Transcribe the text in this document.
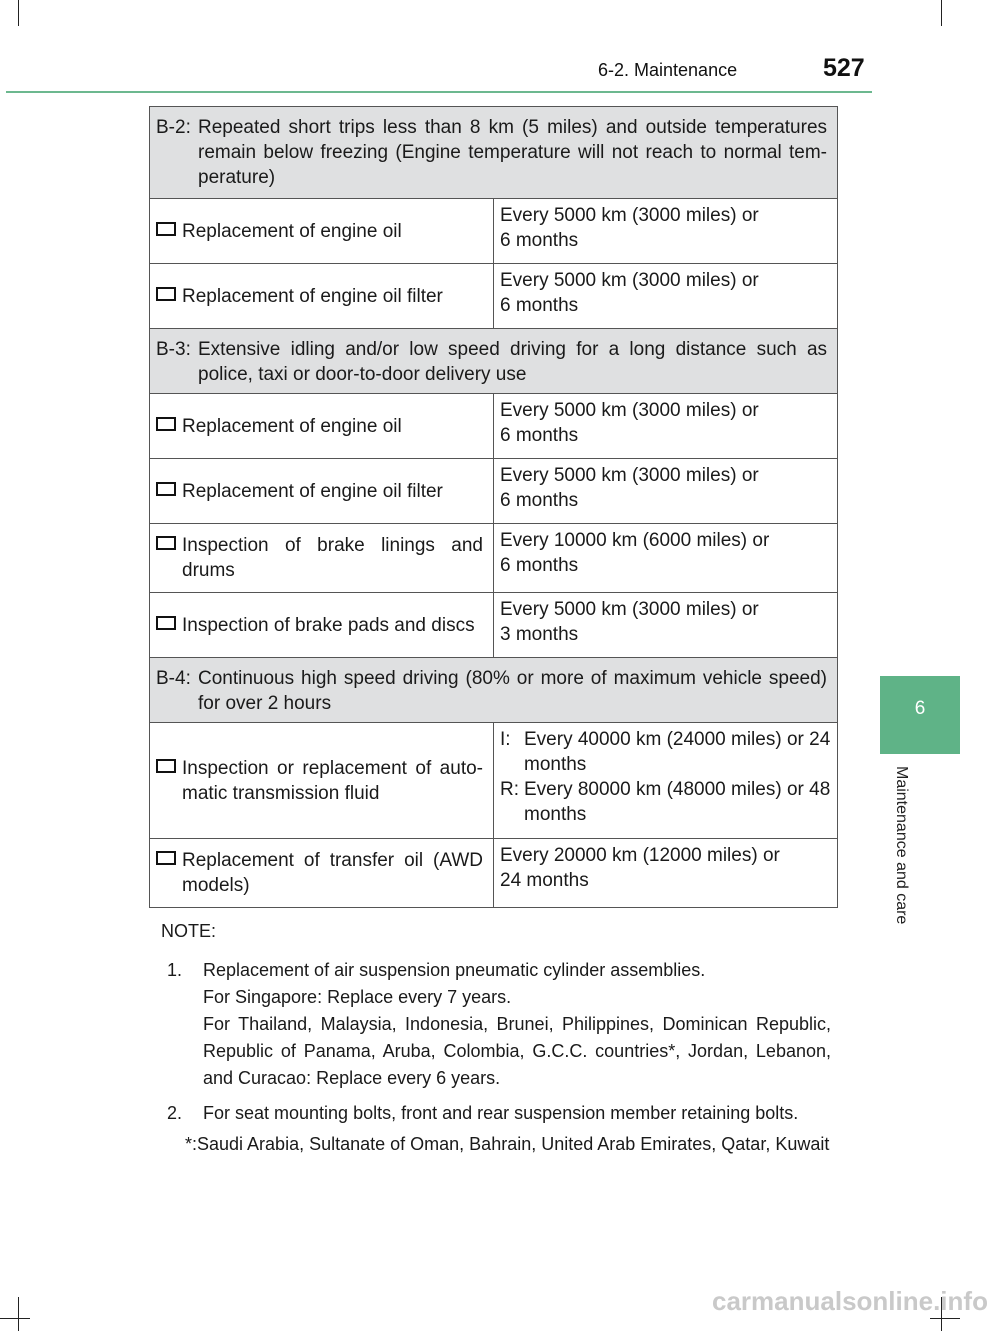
6-2. Maintenance	527
6
Maintenance and care
B-2: Repeated short trips less than 8 km (5 miles) and outside temperatures remain below freezing (Engine temperature will not reach to normal tem-perature)	

Replacement of engine oil	Every 5000 km (3000 miles) or
6 months

Replacement of engine oil filter	Every 5000 km (3000 miles) or
6 months

B-3: Extensive idling and/or low speed driving for a long distance such as police, taxi or door-to-door delivery use	

Replacement of engine oil	Every 5000 km (3000 miles) or
6 months

Replacement of engine oil filter	Every 5000 km (3000 miles) or
6 months

Inspection of brake linings and drums	Every 10000 km (6000 miles) or
6 months

Inspection of brake pads and discs	Every 5000 km (3000 miles) or
3 months

B-4: Continuous high speed driving (80% or more of maximum vehicle speed) for over 2 hours	

Inspection or replacement of auto-matic transmission fluid	I: Every 40000 km (24000 miles) or 24 months
R: Every 80000 km (48000 miles) or 48 months

Replacement of transfer oil (AWD models)	Every 20000 km (12000 miles) or
24 months
NOTE:
1.	Replacement of air suspension pneumatic cylinder assemblies.
For Singapore: Replace every 7 years.
For Thailand, Malaysia, Indonesia, Brunei, Philippines, Dominican Republic, Republic of Panama, Aruba, Colombia, G.C.C. countries*, Jordan, Lebanon, and Curacao: Replace every 6 years.
2.	For seat mounting bolts, front and rear suspension member retaining bolts.
*: Saudi Arabia, Sultanate of Oman, Bahrain, United Arab Emirates, Qatar, Kuwait
carmanualsonline.info
